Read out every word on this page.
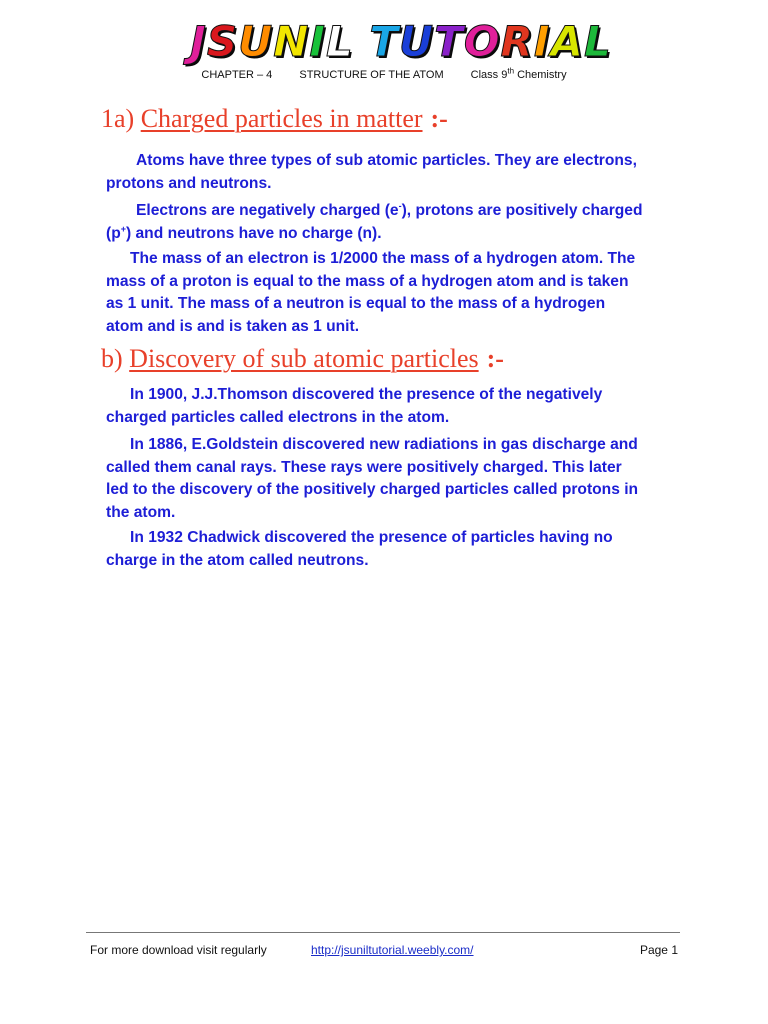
JSUNIL TUTORIAL
CHAPTER – 4 STRUCTURE OF THE ATOM Class 9th Chemistry
1a) Charged particles in matter :-
Atoms have three types of sub atomic particles. They are electrons, protons and neutrons.
Electrons are negatively charged (e-), protons are positively charged (p+) and neutrons have no charge (n).
The mass of an electron is 1/2000 the mass of a hydrogen atom. The mass of a proton is equal to the mass of a hydrogen atom and is taken as 1 unit. The mass of a neutron is equal to the mass of a hydrogen atom and is and is taken as 1 unit.
b) Discovery of sub atomic particles :-
In 1900, J.J.Thomson discovered the presence of the negatively charged particles called electrons in the atom.
In 1886, E.Goldstein discovered new radiations in gas discharge and called them canal rays. These rays were positively charged. This later led to the discovery of the positively charged particles called protons in the atom.
In 1932 Chadwick discovered the presence of particles having no charge in the atom called neutrons.
For more download visit regularly	http://jsuniltutorial.weebly.com/	Page 1
